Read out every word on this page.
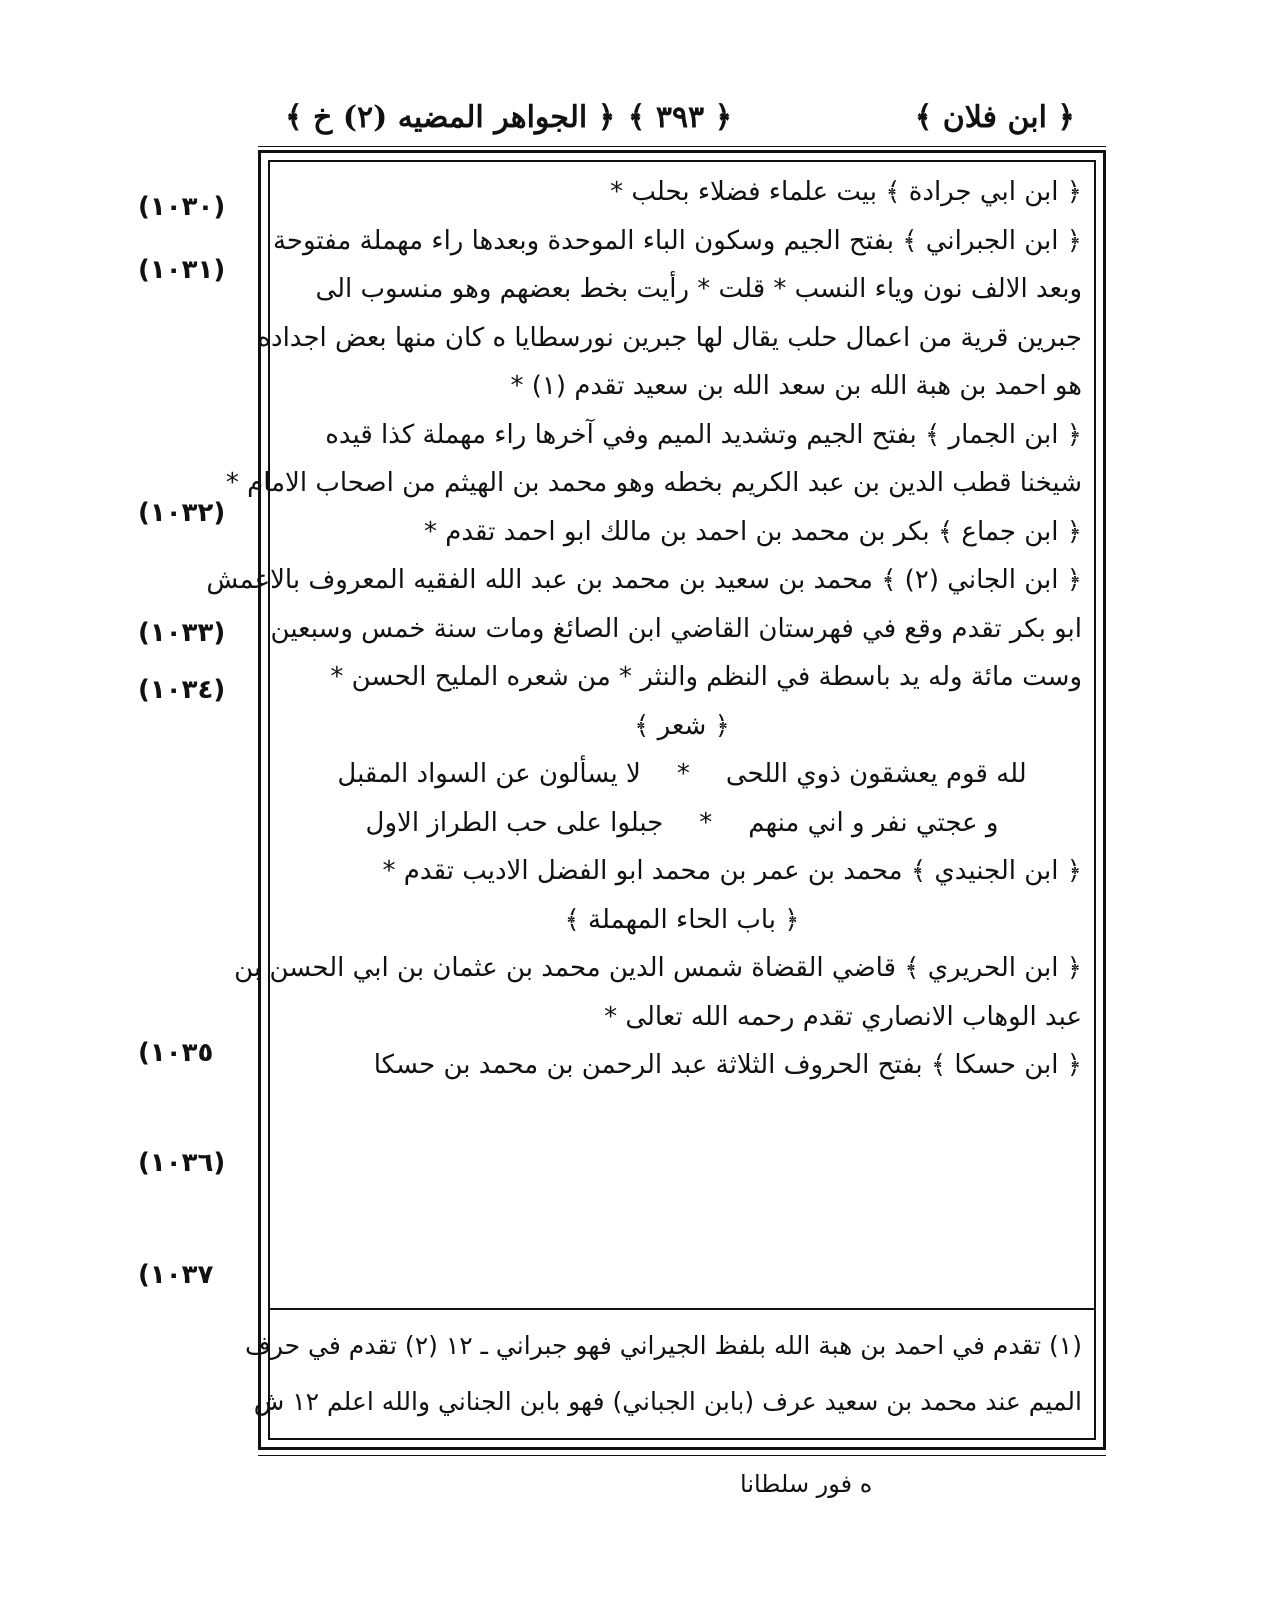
﴿ ابن فلان ﴾
﴿ ٣٩٣ ﴾
﴿ الجواهر المضيه (٢) خ ﴾
﴿ ابن ابي جرادة ﴾ بيت علماء فضلاء بحلب *
﴿ ابن الجبراني ﴾ بفتح الجيم وسكون الباء الموحدة وبعدها راء مهملة مفتوحة
وبعد الالف نون وياء النسب * قلت * رأيت بخط بعضهم وهو منسوب الى
جبرين قرية من اعمال حلب يقال لها جبرين نورسطايا ه كان منها بعض اجداده
هو احمد بن هبة الله بن سعد الله بن سعيد تقدم (١) *
﴿ ابن الجمار ﴾ بفتح الجيم وتشديد الميم وفي آخرها راء مهملة كذا قيده
شيخنا قطب الدين بن عبد الكريم بخطه وهو محمد بن الهيثم من اصحاب الامام *
﴿ ابن جماع ﴾ بكر بن محمد بن احمد بن مالك ابو احمد تقدم *
﴿ ابن الجاني (٢) ﴾ محمد بن سعيد بن محمد بن عبد الله الفقيه المعروف بالاعمش
ابو بكر تقدم وقع في فهرستان القاضي ابن الصائغ ومات سنة خمس وسبعين
وست مائة وله يد باسطة في النظم والنثر * من شعره المليح الحسن *
﴿ شعر ﴾
لله قوم يعشقون ذوي اللحى
*
لا يسألون عن السواد المقبل
و عجتي نفر و اني منهم
*
جبلوا على حب الطراز الاول
﴿ ابن الجنيدي ﴾ محمد بن عمر بن محمد ابو الفضل الاديب تقدم *
﴿ باب الحاء المهملة ﴾
﴿ ابن الحريري ﴾ قاضي القضاة شمس الدين محمد بن عثمان بن ابي الحسن بن
عبد الوهاب الانصاري تقدم رحمه الله تعالى *
﴿ ابن حسكا ﴾ بفتح الحروف الثلاثة عبد الرحمن بن محمد بن حسكا
(١) تقدم في احمد بن هبة الله بلفظ الجيراني فهو جبراني ـ ١٢ (٢) تقدم في حرف
الميم عند محمد بن سعيد عرف (بابن الجباني) فهو بابن الجناني والله اعلم ١٢ ش
(١٠٣٠)
(١٠٣١)
(١٠٣٢)
(١٠٣٣)
(١٠٣٤)
(١٠٣٥
(١٠٣٦)
(١٠٣٧
ه فور سلطانا
